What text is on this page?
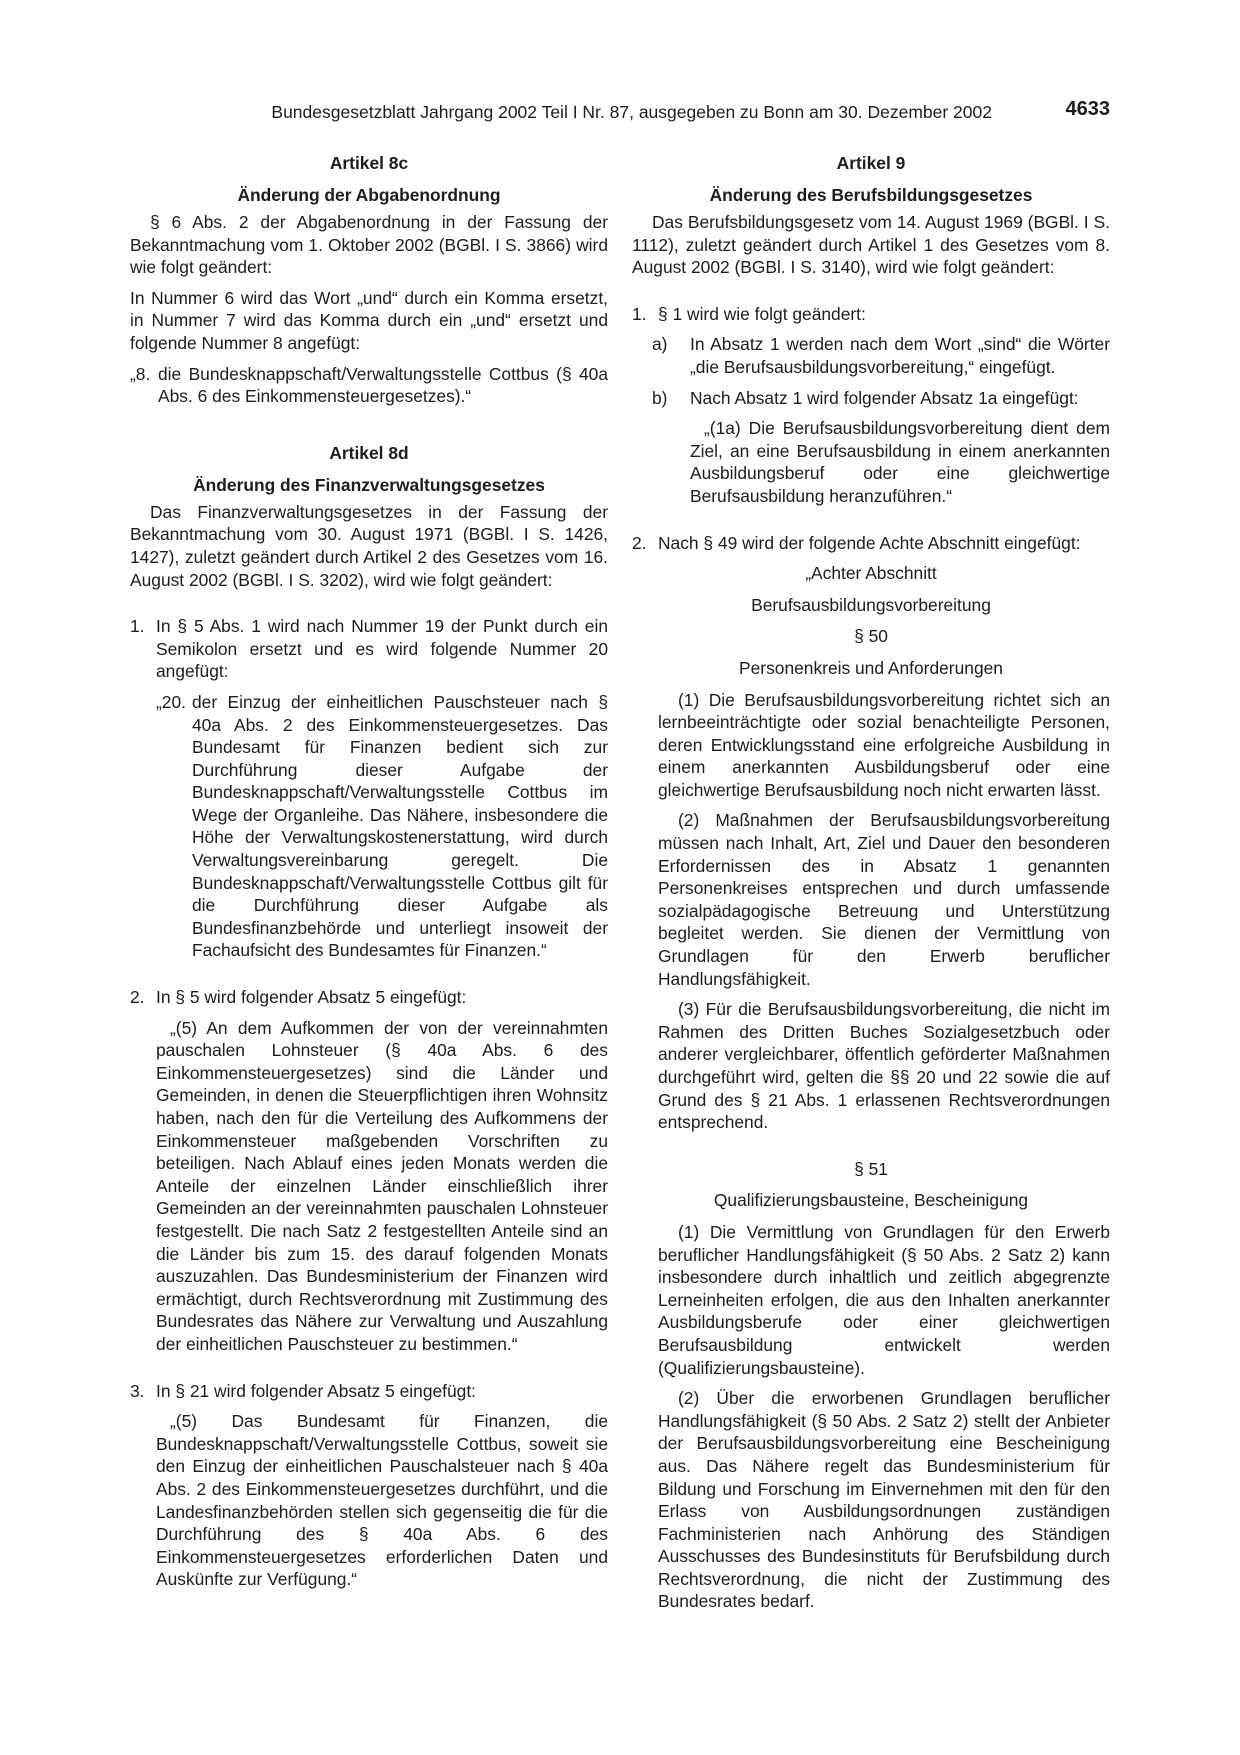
Bundesgesetzblatt Jahrgang 2002 Teil I Nr. 87, ausgegeben zu Bonn am 30. Dezember 2002	4633
Artikel 8c
Änderung der Abgabenordnung

§ 6 Abs. 2 der Abgabenordnung in der Fassung der Bekanntmachung vom 1. Oktober 2002 (BGBl. I S. 3866) wird wie folgt geändert:

In Nummer 6 wird das Wort „und“ durch ein Komma ersetzt, in Nummer 7 wird das Komma durch ein „und“ ersetzt und folgende Nummer 8 angefügt:

„8. die Bundesknappschaft/Verwaltungsstelle Cottbus (§ 40a Abs. 6 des Einkommensteuergesetzes).“
Artikel 8d
Änderung des Finanzverwaltungsgesetzes

Das Finanzverwaltungsgesetzes in der Fassung der Bekanntmachung vom 30. August 1971 (BGBl. I S. 1426, 1427), zuletzt geändert durch Artikel 2 des Gesetzes vom 16. August 2002 (BGBl. I S. 3202), wird wie folgt geändert:

1. In § 5 Abs. 1 wird nach Nummer 19 der Punkt durch ein Semikolon ersetzt und es wird folgende Nummer 20 angefügt:
„20. der Einzug der einheitlichen Pauschsteuer nach § 40a Abs. 2 des Einkommensteuergesetzes. Das Bundesamt für Finanzen bedient sich zur Durchführung dieser Aufgabe der Bundesknappschaft/Verwaltungsstelle Cottbus im Wege der Organleihe. Das Nähere, insbesondere die Höhe der Verwaltungskostenerstattung, wird durch Verwaltungsvereinbarung geregelt. Die Bundesknappschaft/Verwaltungsstelle Cottbus gilt für die Durchführung dieser Aufgabe als Bundesfinanzbehörde und unterliegt insoweit der Fachaufsicht des Bundesamtes für Finanzen.“
2. In § 5 wird folgender Absatz 5 eingefügt:

„(5) An dem Aufkommen der von der vereinnahmten pauschalen Lohnsteuer (§ 40a Abs. 6 des Einkommensteuergesetzes) sind die Länder und Gemeinden, in denen die Steuerpflichtigen ihren Wohnsitz haben, nach den für die Verteilung des Aufkommens der Einkommensteuer maßgebenden Vorschriften zu beteiligen. Nach Ablauf eines jeden Monats werden die Anteile der einzelnen Länder einschließlich ihrer Gemeinden an der vereinnahmten pauschalen Lohnsteuer festgestellt. Die nach Satz 2 festgestellten Anteile sind an die Länder bis zum 15. des darauf folgenden Monats auszuzahlen. Das Bundesministerium der Finanzen wird ermächtigt, durch Rechtsverordnung mit Zustimmung des Bundesrates das Nähere zur Verwaltung und Auszahlung der einheitlichen Pauschsteuer zu bestimmen.“

3. In § 21 wird folgender Absatz 5 eingefügt:

„(5) Das Bundesamt für Finanzen, die Bundesknappschaft/Verwaltungsstelle Cottbus, soweit sie den Einzug der einheitlichen Pauschalsteuer nach § 40a Abs. 2 des Einkommensteuergesetzes durchführt, und die Landesfinanzbehörden stellen sich gegenseitig die für die Durchführung des § 40a Abs. 6 des Einkommensteuergesetzes erforderlichen Daten und Auskünfte zur Verfügung.“

Artikel 9
Änderung des Berufsbildungsgesetzes

Das Berufsbildungsgesetz vom 14. August 1969 (BGBl. I S. 1112), zuletzt geändert durch Artikel 1 des Gesetzes vom 8. August 2002 (BGBl. I S. 3140), wird wie folgt geändert:

1. § 1 wird wie folgt geändert:
a) In Absatz 1 werden nach dem Wort „sind“ die Wörter „die Berufsausbildungsvorbereitung,“ eingefügt.
b) Nach Absatz 1 wird folgender Absatz 1a eingefügt:

„(1a) Die Berufsausbildungsvorbereitung dient dem Ziel, an eine Berufsausbildung in einem anerkannten Ausbildungsberuf oder eine gleichwertige Berufsausbildung heranzuführen.“

2. Nach § 49 wird der folgende Achte Abschnitt eingefügt:
„Achter Abschnitt
Berufsausbildungsvorbereitung
§ 50
Personenkreis und Anforderungen

(1) Die Berufsausbildungsvorbereitung richtet sich an lernbeeinträchtigte oder sozial benachteiligte Personen, deren Entwicklungsstand eine erfolgreiche Ausbildung in einem anerkannten Ausbildungsberuf oder eine gleichwertige Berufsausbildung noch nicht erwarten lässt.

(2) Maßnahmen der Berufsausbildungsvorbereitung müssen nach Inhalt, Art, Ziel und Dauer den besonderen Erfordernissen des in Absatz 1 genannten Personenkreises entsprechen und durch umfassende sozialpädagogische Betreuung und Unterstützung begleitet werden. Sie dienen der Vermittlung von Grundlagen für den Erwerb beruflicher Handlungsfähigkeit.

(3) Für die Berufsausbildungsvorbereitung, die nicht im Rahmen des Dritten Buches Sozialgesetzbuch oder anderer vergleichbarer, öffentlich geförderter Maßnahmen durchgeführt wird, gelten die §§ 20 und 22 sowie die auf Grund des § 21 Abs. 1 erlassenen Rechtsverordnungen entsprechend.

§ 51
Qualifizierungsbausteine, Bescheinigung

(1) Die Vermittlung von Grundlagen für den Erwerb beruflicher Handlungsfähigkeit (§ 50 Abs. 2 Satz 2) kann insbesondere durch inhaltlich und zeitlich abgegrenzte Lerneinheiten erfolgen, die aus den Inhalten anerkannter Ausbildungsberufe oder einer gleichwertigen Berufsausbildung entwickelt werden (Qualifizierungsbausteine).

(2) Über die erworbenen Grundlagen beruflicher Handlungsfähigkeit (§ 50 Abs. 2 Satz 2) stellt der Anbieter der Berufsausbildungsvorbereitung eine Bescheinigung aus. Das Nähere regelt das Bundesministerium für Bildung und Forschung im Einvernehmen mit den für den Erlass von Ausbildungsordnungen zuständigen Fachministerien nach Anhörung des Ständigen Ausschusses des Bundesinstituts für Berufsbildung durch Rechtsverordnung, die nicht der Zustimmung des Bundesrates bedarf.
